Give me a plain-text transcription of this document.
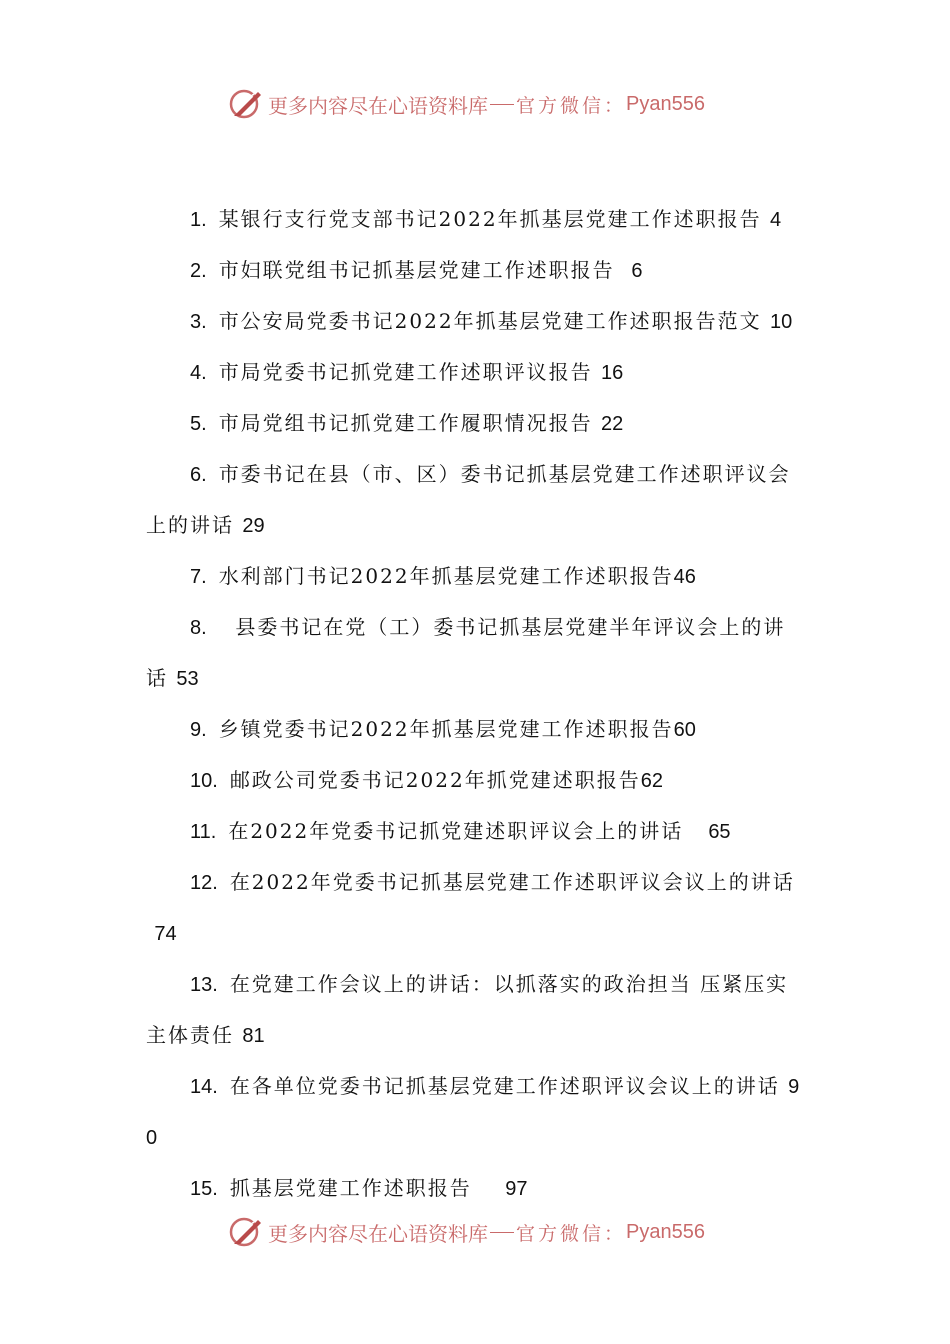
更多内容尽在心语资料库 官方微信： Pyan556
1.  某银行支行党支部书记2022年抓基层党建工作述职报告 4
2.  市妇联党组书记抓基层党建工作述职报告 6
3.  市公安局党委书记2022年抓基层党建工作述职报告范文 10
4.  市局党委书记抓党建工作述职评议报告 16
5.  市局党组书记抓党建工作履职情况报告 22
6.  市委书记在县（市、区）委书记抓基层党建工作述职评议会上的讲话 29
7.  水利部门书记2022年抓基层党建工作述职报告46
8.   县委书记在党（工）委书记抓基层党建半年评议会上的讲话 53
9.  乡镇党委书记2022年抓基层党建工作述职报告60
10.  邮政公司党委书记2022年抓党建述职报告62
11.  在2022年党委书记抓党建述职评议会上的讲话 65
12.  在2022年党委书记抓基层党建工作述职评议会议上的讲话 74
13.  在党建工作会议上的讲话：以抓落实的政治担当 压紧压实主体责任 81
14.  在各单位党委书记抓基层党建工作述职评议会议上的讲话 90
15.  抓基层党建工作述职报告 97
更多内容尽在心语资料库 官方微信： Pyan556
